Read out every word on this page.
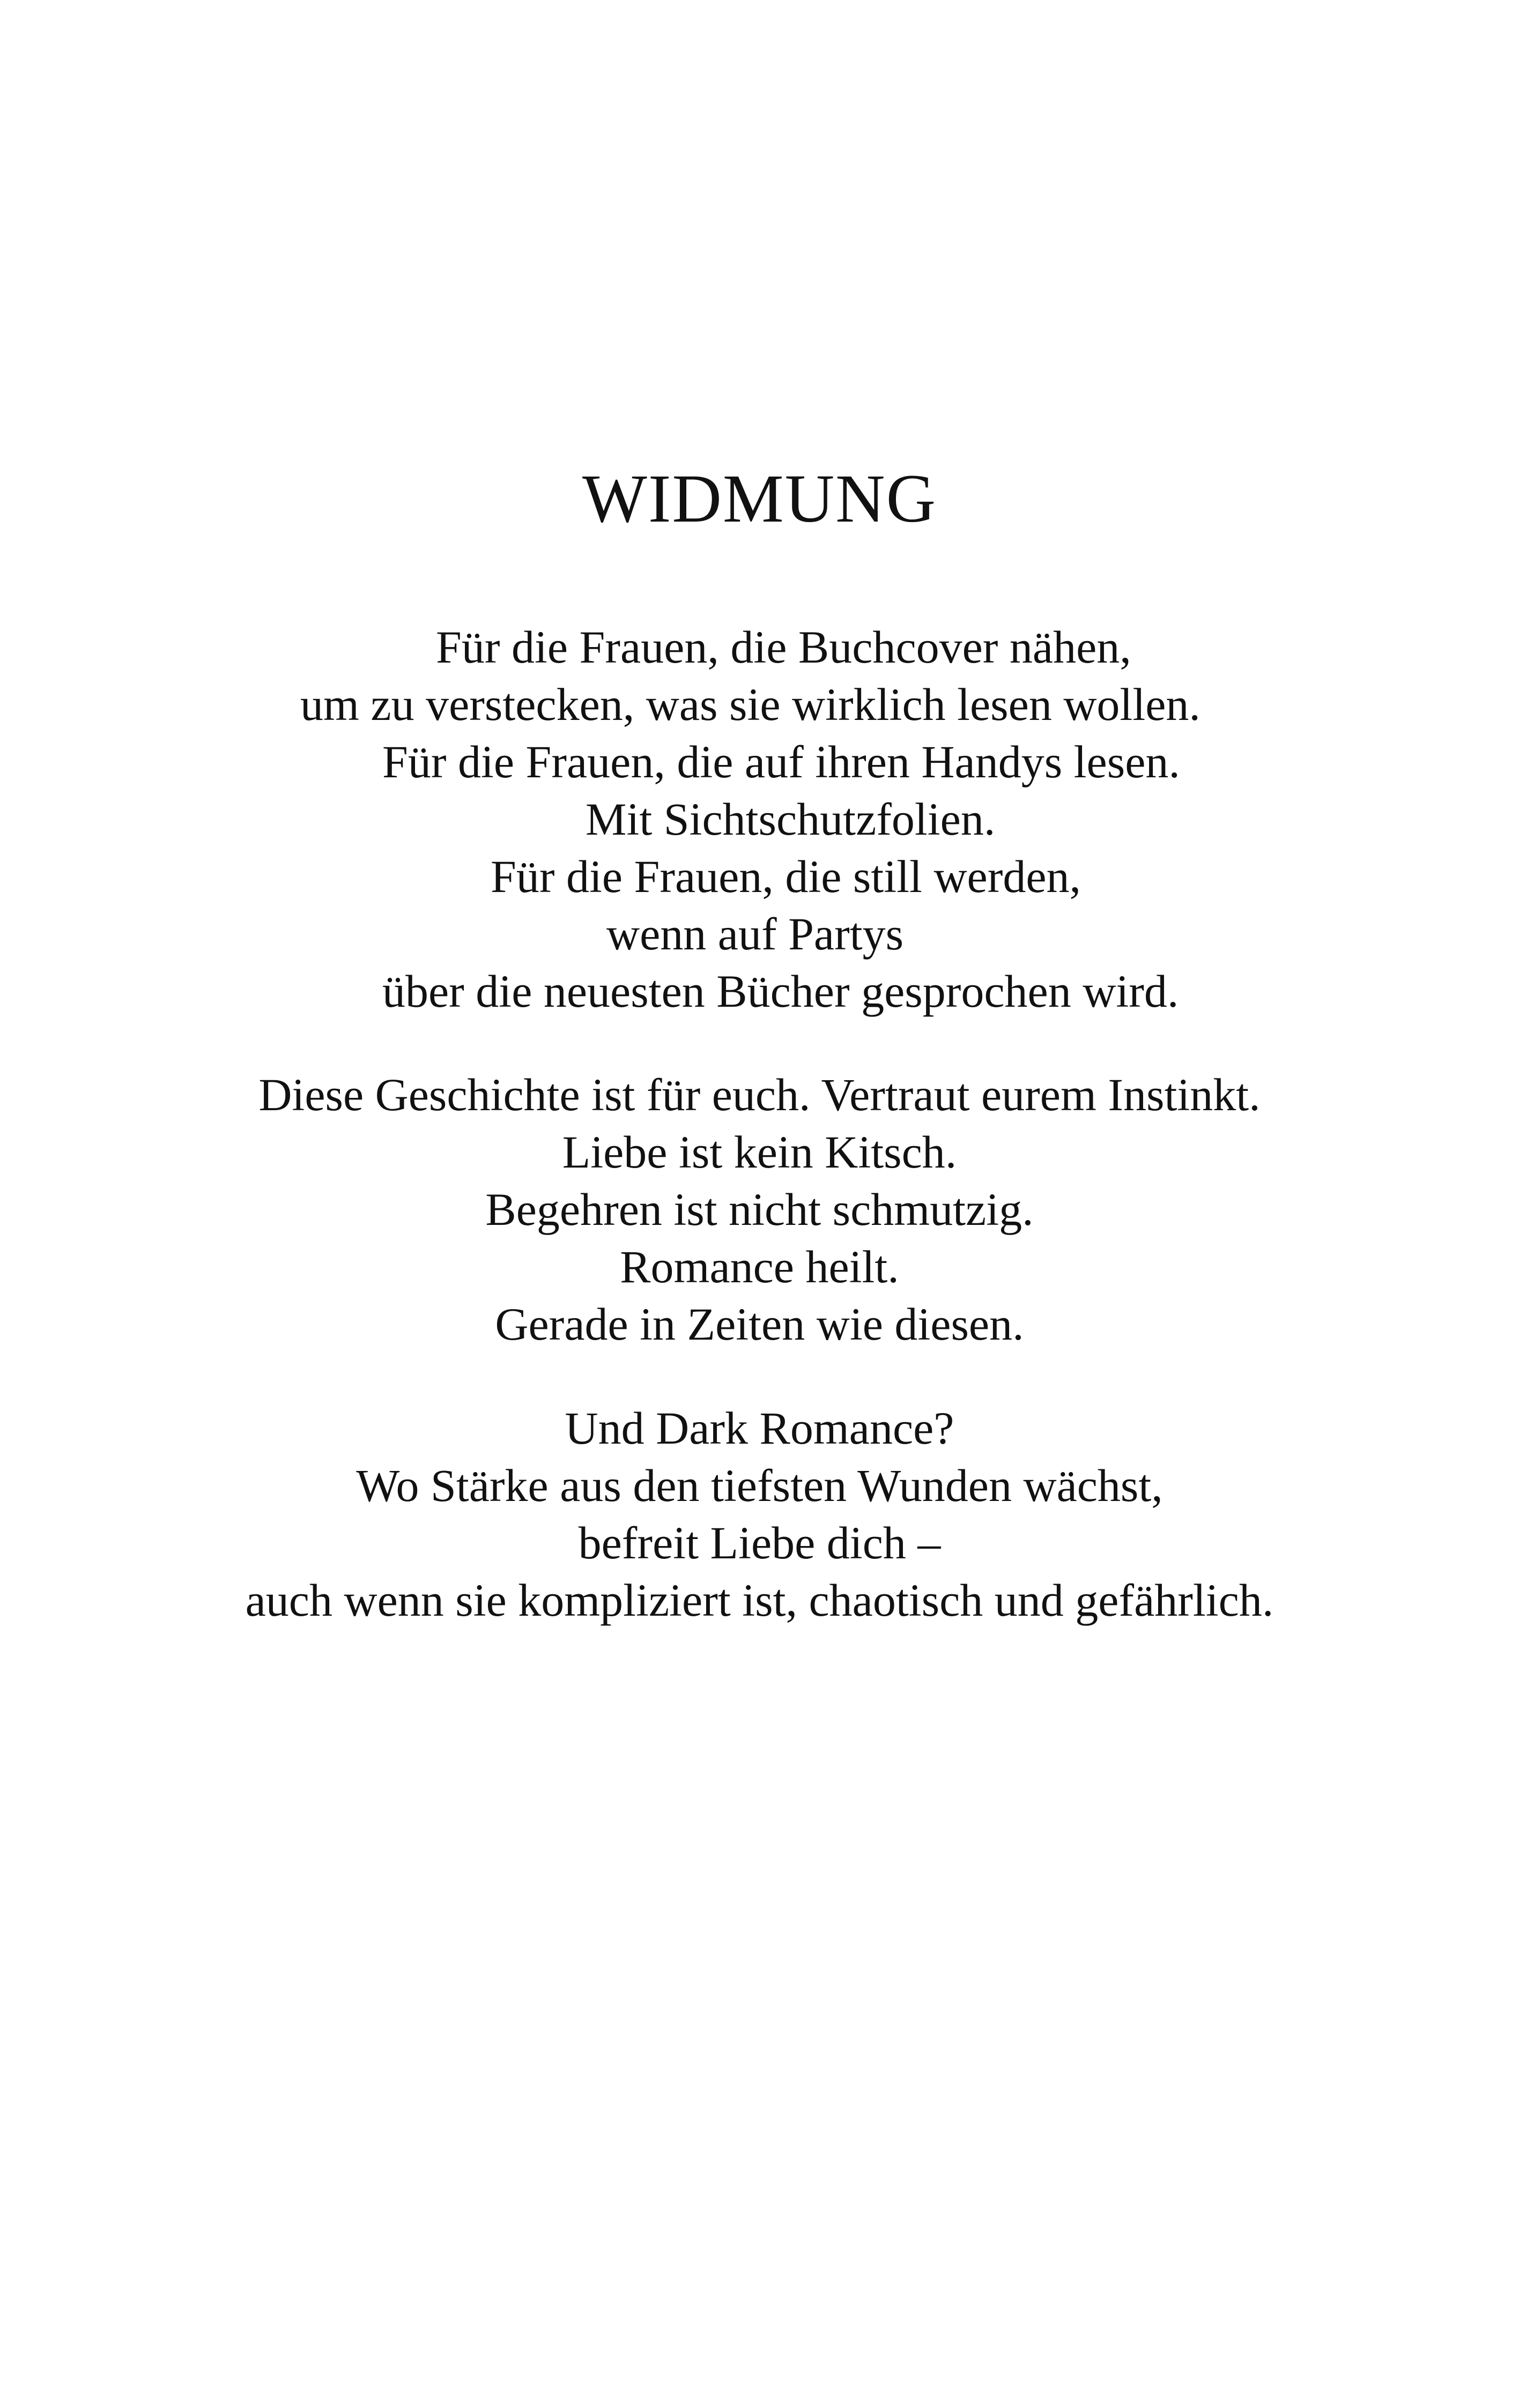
WIDMUNG

Für die Frauen, die Buchcover nähen,

um zu verstecken, was sie wirklich lesen wollen.

Für die Frauen, die auf ihren Handys lesen.

Mit Sichtschutzfolien.

Für die Frauen, die still werden,

wenn auf Partys

über die neuesten Bücher gesprochen wird.

Diese Geschichte ist für euch. Vertraut eurem Instinkt.

Liebe ist kein Kitsch.

Begehren ist nicht schmutzig.

Romance heilt.

Gerade in Zeiten wie diesen.

Und Dark Romance?

Wo Stärke aus den tiefsten Wunden wächst,

befreit Liebe dich –

auch wenn sie kompliziert ist, chaotisch und gefährlich.
